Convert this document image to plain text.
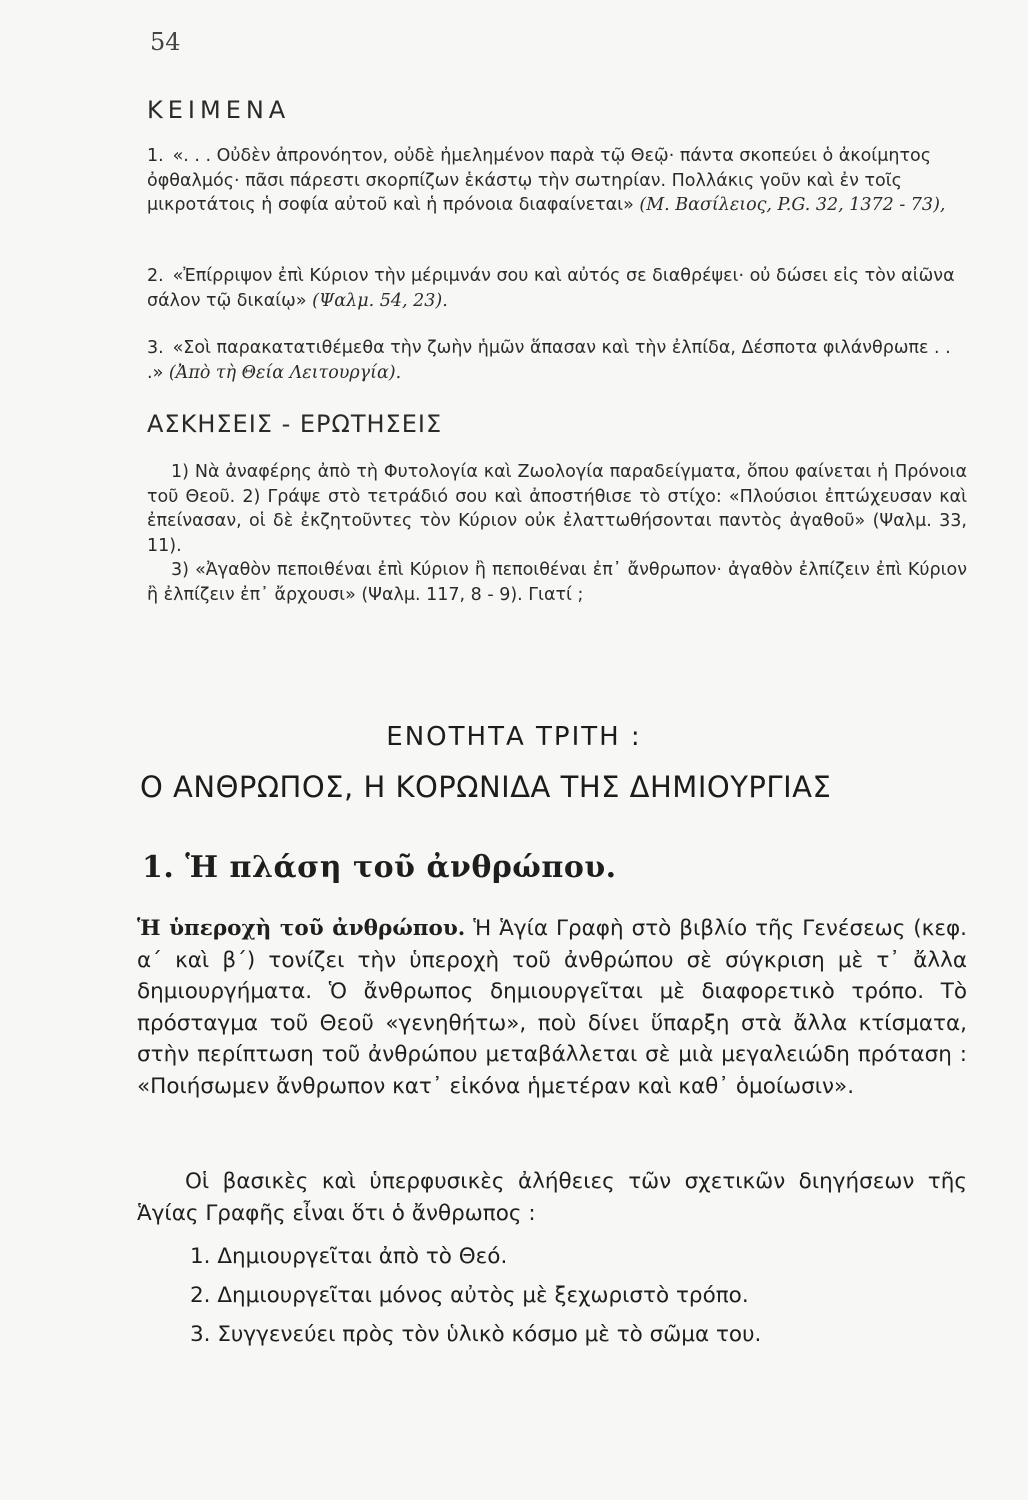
54
ΚΕΙΜΕΝΑ
1. «. . . Οὐδὲν ἀπρονόητον, οὐδὲ ἠμελημένον παρὰ τῷ Θεῷ· πάντα σκοπεύει ὁ ἀκοίμητος ὀφθαλμός· πᾶσι πάρεστι σκορπίζων ἑκάστῳ τὴν σωτηρίαν. Πολλάκις γοῦν καὶ ἐν τοῖς μικροτάτοις ἡ σοφία αὐτοῦ καὶ ἡ πρόνοια διαφαίνεται» (Μ. Βασίλειος, P.G. 32, 1372 - 73),
2. «Ἐπίρριψον ἐπὶ Κύριον τὴν μέριμνάν σου καὶ αὐτός σε διαθρέψει· οὐ δώσει εἰς τὸν αἰῶνα σάλον τῷ δικαίῳ» (Ψαλμ. 54, 23).
3. «Σοὶ παρακατατιθέμεθα τὴν ζωὴν ἡμῶν ἅπασαν καὶ τὴν ἐλπίδα, Δέσποτα φιλάνθρωπε . . .» (Ἀπὸ τὴ Θεία Λειτουργία).
ΑΣΚΗΣΕΙΣ - ΕΡΩΤΗΣΕΙΣ

1) Νὰ ἀναφέρης ἀπὸ τὴ Φυτολογία καὶ Ζωολογία παραδείγματα, ὅπου φαίνεται ἡ Πρόνοια τοῦ Θεοῦ. 2) Γράψε στὸ τετράδιό σου καὶ ἀποστήθισε τὸ στίχο: «Πλούσιοι ἐπτώχευσαν καὶ ἐπείνασαν, οἱ δὲ ἐκζητοῦντες τὸν Κύριον οὐκ ἐλαττωθήσονται παντὸς ἀγαθοῦ» (Ψαλμ. 33, 11).

3) «Ἀγαθὸν πεποιθέναι ἐπὶ Κύριον ἢ πεποιθέναι ἐπ᾽ ἄνθρωπον· ἀγαθὸν ἐλπίζειν ἐπὶ Κύριον ἢ ἐλπίζειν ἐπ᾽ ἄρχουσι» (Ψαλμ. 117, 8 - 9). Γιατί ;

ΕΝΟΤΗΤΑ ΤΡΙΤΗ :
Ο ΑΝΘΡΩΠΟΣ, Η ΚΟΡΩΝΙΔΑ ΤΗΣ ΔΗΜΙΟΥΡΓΙΑΣ
1. Ἡ πλάση τοῦ ἀνθρώπου.

Ἡ ὑπεροχὴ τοῦ ἀνθρώπου. Ἡ Ἁγία Γραφὴ στὸ βιβλίο τῆς Γενέσεως (κεφ. α΄ καὶ β΄) τονίζει τὴν ὑπεροχὴ τοῦ ἀνθρώπου σὲ σύγκριση μὲ τ᾽ ἄλλα δημιουργήματα. Ὁ ἄνθρωπος δημιουργεῖται μὲ διαφορετικὸ τρόπο. Τὸ πρόσταγμα τοῦ Θεοῦ «γενηθήτω», ποὺ δίνει ὕπαρξη στὰ ἄλλα κτίσματα, στὴν περίπτωση τοῦ ἀνθρώπου μεταβάλλεται σὲ μιὰ μεγαλειώδη πρόταση : «Ποιήσωμεν ἄνθρωπον κατ᾽ εἰκόνα ἡμετέραν καὶ καθ᾽ ὁμοίωσιν».

Οἱ βασικὲς καὶ ὑπερφυσικὲς ἀλήθειες τῶν σχετικῶν διηγήσεων τῆς Ἁγίας Γραφῆς εἶναι ὅτι ὁ ἄνθρωπος :

1. Δημιουργεῖται ἀπὸ τὸ Θεό.
2. Δημιουργεῖται μόνος αὐτὸς μὲ ξεχωριστὸ τρόπο.
3. Συγγενεύει πρὸς τὸν ὑλικὸ κόσμο μὲ τὸ σῶμα του.
